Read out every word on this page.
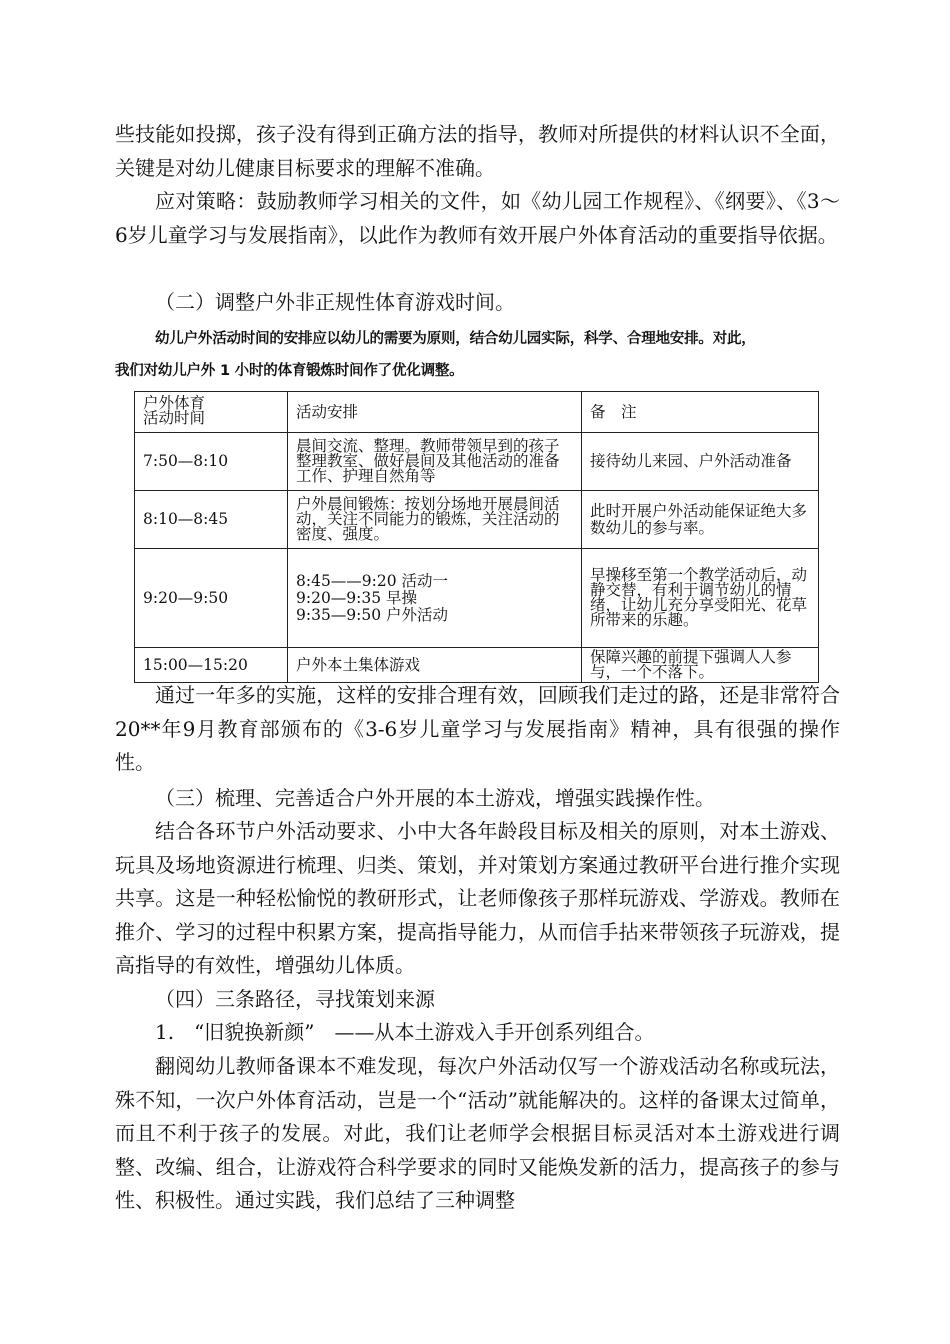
些技能如投掷，孩子没有得到正确方法的指导，教师对所提供的材料认识不全面，关键是对幼儿健康目标要求的理解不准确。

应对策略：鼓励教师学习相关的文件，如《幼儿园工作规程》、《纲要》、《3～6岁儿童学习与发展指南》，以此作为教师有效开展户外体育活动的重要指导依据。

（二）调整户外非正规性体育游戏时间。

幼儿户外活动时间的安排应以幼儿的需要为原则，结合幼儿园实际，科学、合理地安排。对此，
我们对幼儿户外 1 小时的体育锻炼时间作了优化调整。

户外体育
活动时间	活动安排	备　注
7:50—8:10	晨间交流、整理。教师带领早到的孩子整理教室、做好晨间及其他活动的准备工作、护理自然角等	接待幼儿来园、户外活动准备
8:10—8:45	户外晨间锻炼：按划分场地开展晨间活动，关注不同能力的锻炼，关注活动的密度、强度。	此时开展户外活动能保证绝大多数幼儿的参与率。
9:20—9:50	8:45——9:20 活动一
9:20—9:35 早操
9:35—9:50 户外活动	早操移至第一个教学活动后，动静交替，有利于调节幼儿的情绪，让幼儿充分享受阳光、花草所带来的乐趣。

15:00—15:20	户外本土集体游戏	保障兴趣的前提下强调人人参与，一个不落下。

通过一年多的实施，这样的安排合理有效，回顾我们走过的路，还是非常符合20**年9月教育部颁布的《3-6岁儿童学习与发展指南》精神，具有很强的操作性。

（三）梳理、完善适合户外开展的本土游戏，增强实践操作性。

结合各环节户外活动要求、小中大各年龄段目标及相关的原则，对本土游戏、玩具及场地资源进行梳理、归类、策划，并对策划方案通过教研平台进行推介实现共享。这是一种轻松愉悦的教研形式，让老师像孩子那样玩游戏、学游戏。教师在推介、学习的过程中积累方案，提高指导能力，从而信手拈来带领孩子玩游戏，提高指导的有效性，增强幼儿体质。

（四）三条路径，寻找策划来源

1.　“旧貌换新颜”　——从本土游戏入手开创系列组合。

翻阅幼儿教师备课本不难发现，每次户外活动仅写一个游戏活动名称或玩法，殊不知，一次户外体育活动，岂是一个“活动”就能解决的。这样的备课太过简单，而且不利于孩子的发展。对此，我们让老师学会根据目标灵活对本土游戏进行调整、改编、组合，让游戏符合科学要求的同时又能焕发新的活力，提高孩子的参与性、积极性。通过实践，我们总结了三种调整
